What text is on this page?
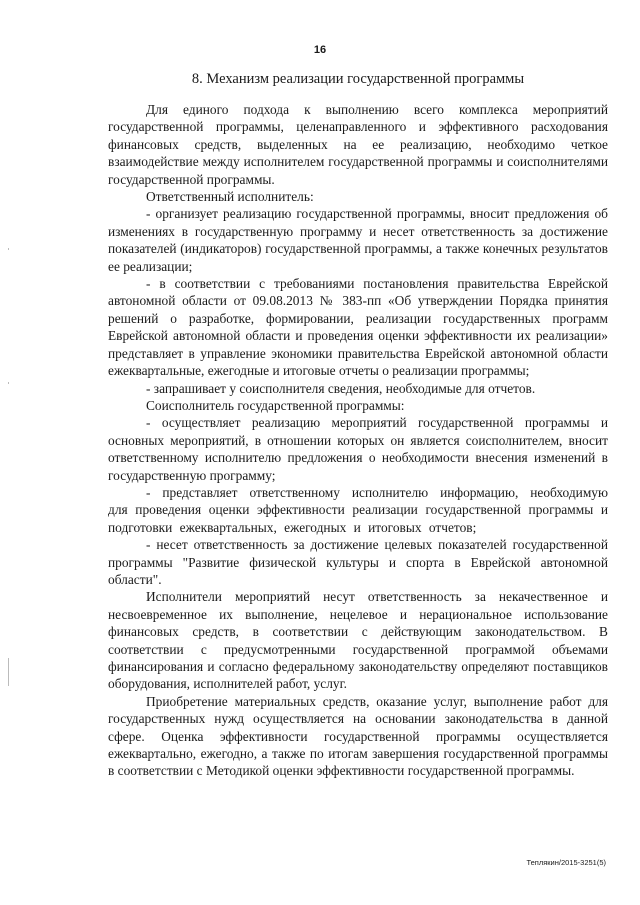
16
8. Механизм реализации государственной программы

Для единого подхода к выполнению всего комплекса мероприятий государственной программы, целенаправленного и эффективного расходования финансовых средств, выделенных на ее реализацию, необходимо четкое взаимодействие между исполнителем государственной программы и соисполнителями государственной программы.

Ответственный исполнитель:

- организует реализацию государственной программы, вносит предложения об изменениях в государственную программу и несет ответственность за достижение показателей (индикаторов) государственной программы, а также конечных результатов ее реализации;

- в соответствии с требованиями постановления правительства Еврейской автономной области от 09.08.2013 № 383-пп «Об утверждении Порядка принятия решений о разработке, формировании, реализации государственных программ Еврейской автономной области и проведения оценки эффективности их реализации» представляет в управление экономики правительства Еврейской автономной области ежеквартальные, ежегодные и итоговые отчеты о реализации программы;

- запрашивает у соисполнителя сведения, необходимые для отчетов.

Соисполнитель государственной программы:

- осуществляет реализацию мероприятий государственной программы и основных мероприятий, в отношении которых он является соисполнителем, вносит ответственному исполнителю предложения о необходимости внесения изменений в государственную программу;

- представляет ответственному исполнителю информацию, необходимую для проведения оценки эффективности реализации государственной программы и подготовки ежеквартальных, ежегодных и итоговых отчетов;

- несет ответственность за достижение целевых показателей государственной программы "Развитие физической культуры и спорта в Еврейской автономной области".

Исполнители мероприятий несут ответственность за некачественное и несвоевременное их выполнение, нецелевое и нерациональное использование финансовых средств, в соответствии с действующим законодательством. В соответствии с предусмотренными государственной программой объемами финансирования и согласно федеральному законодательству определяют поставщиков оборудования, исполнителей работ, услуг.

Приобретение материальных средств, оказание услуг, выполнение работ для государственных нужд осуществляется на основании законодательства в данной сфере. Оценка эффективности государственной программы осуществляется ежеквартально, ежегодно, а также по итогам завершения государственной программы в соответствии с Методикой оценки эффективности государственной программы.

Теплякин/2015-3251(5)
